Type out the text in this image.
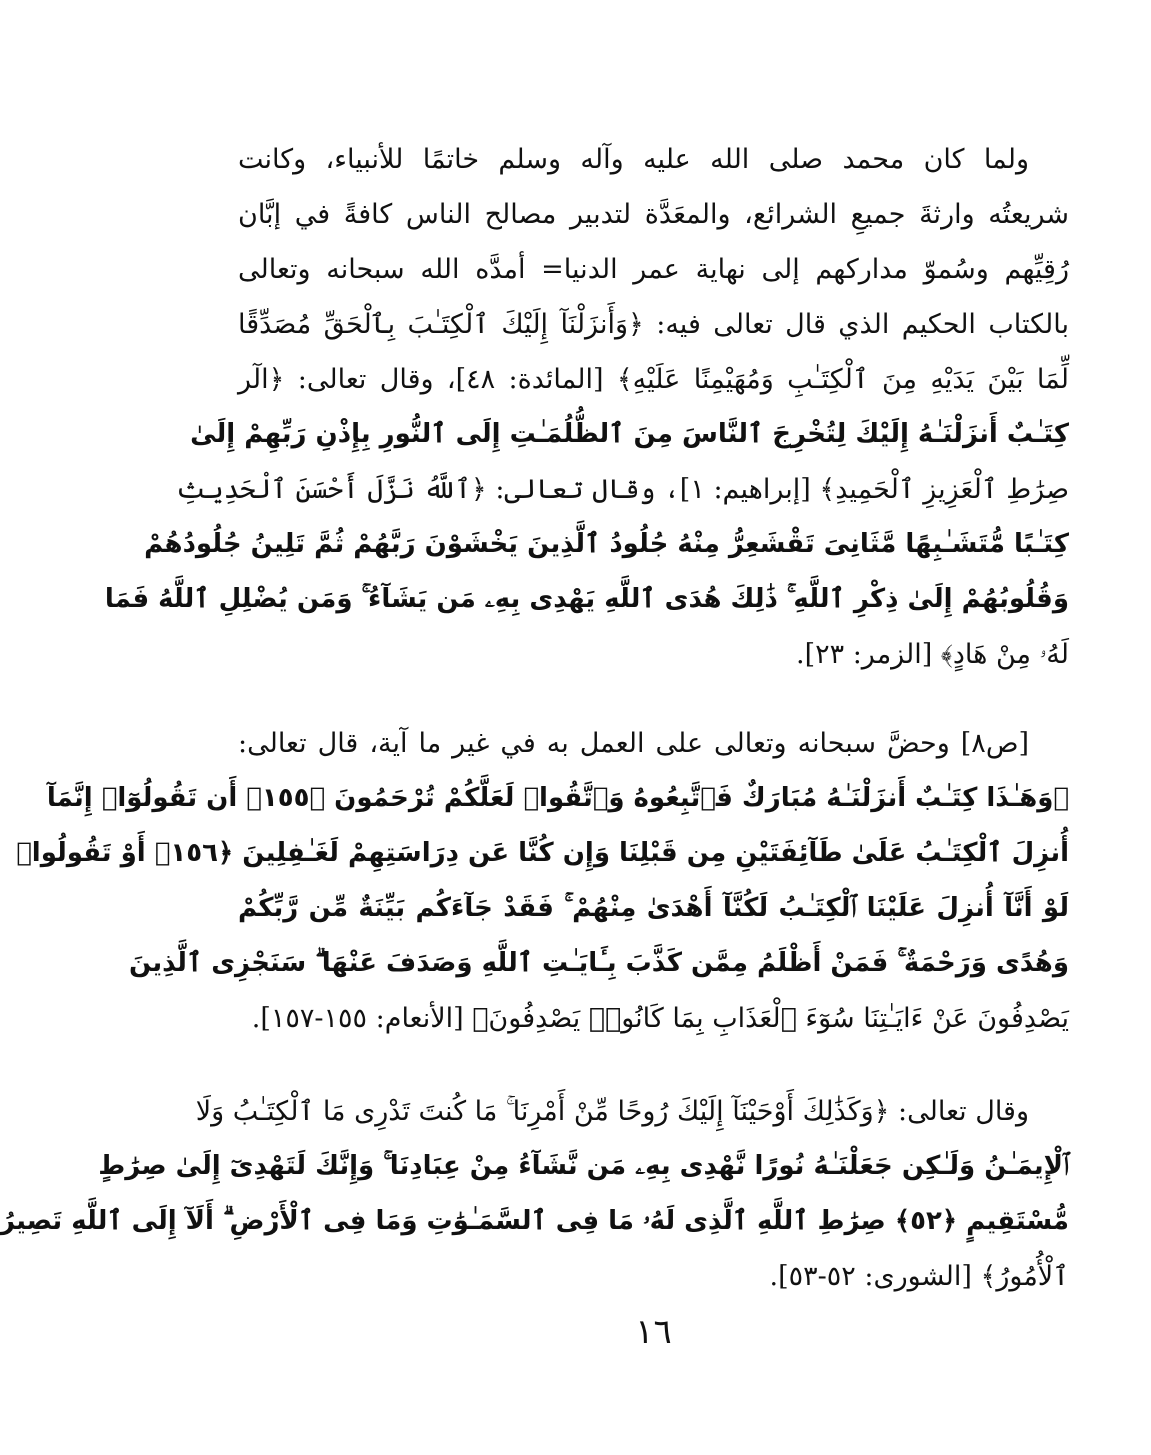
ولما كان محمد صلى الله عليه وآله وسلم خاتمًا للأنبياء، وكانت
شريعتُه وارثةَ جميعِ الشرائع، والمعَدَّة لتدبير مصالح الناس كافةً في إبَّان
رُقِيِّهم وسُموّ مداركهم إلى نهاية عمر الدنيا= أمدَّه الله سبحانه وتعالى
بالكتاب الحكيم الذي قال تعالى فيه: ﴿وَأَنزَلْنَآ إِلَيْكَ ٱلْكِتَـٰبَ بِٱلْحَقِّ مُصَدِّقًا
لِّمَا بَيْنَ يَدَيْهِ مِنَ ٱلْكِتَـٰبِ وَمُهَيْمِنًا عَلَيْهِ﴾ [المائدة: ٤٨]، وقال تعالى: ﴿الٓر
كِتَـٰبٌ أَنزَلْنَـٰهُ إِلَيْكَ لِتُخْرِجَ ٱلنَّاسَ مِنَ ٱلظُّلُمَـٰتِ إِلَى ٱلنُّورِ بِإِذْنِ رَبِّهِمْ إِلَىٰ
صِرَٰطِ ٱلْعَزِيزِ ٱلْحَمِيدِ﴾ [إبراهيم: ١]، وقال تعالى: ﴿ٱللَّهُ نَزَّلَ أَحْسَنَ ٱلْحَدِيثِ
كِتَـٰبًا مُّتَشَـٰبِهًا مَّثَانِىَ تَقْشَعِرُّ مِنْهُ جُلُودُ ٱلَّذِينَ يَخْشَوْنَ رَبَّهُمْ ثُمَّ تَلِينُ جُلُودُهُمْ
وَقُلُوبُهُمْ إِلَىٰ ذِكْرِ ٱللَّهِ ۚ ذَٰلِكَ هُدَى ٱللَّهِ يَهْدِى بِهِۦ مَن يَشَآءُ ۚ وَمَن يُضْلِلِ ٱللَّهُ فَمَا
لَهُۥ مِنْ هَادٍ﴾ [الزمر: ٢٣].
[ص٨] وحضَّ سبحانه وتعالى على العمل به في غير ما آية، قال تعالى:
﴿وَهَـٰذَا كِتَـٰبٌ أَنزَلْنَـٰهُ مُبَارَكٌ فَٱتَّبِعُوهُ وَٱتَّقُوا۟ لَعَلَّكُمْ تُرْحَمُونَ ﴿١٥٥﴾ أَن تَقُولُوٓا۟ إِنَّمَآ
أُنزِلَ ٱلْكِتَـٰبُ عَلَىٰ طَآئِفَتَيْنِ مِن قَبْلِنَا وَإِن كُنَّا عَن دِرَاسَتِهِمْ لَغَـٰفِلِينَ ﴿١٥٦﴾ أَوْ تَقُولُوا۟
لَوْ أَنَّآ أُنزِلَ عَلَيْنَا ٱلْكِتَـٰبُ لَكُنَّآ أَهْدَىٰ مِنْهُمْ ۚ فَقَدْ جَآءَكُم بَيِّنَةٌ مِّن رَّبِّكُمْ
وَهُدًى وَرَحْمَةٌ ۚ فَمَنْ أَظْلَمُ مِمَّن كَذَّبَ بِـَٔايَـٰتِ ٱللَّهِ وَصَدَفَ عَنْهَا ۗ سَنَجْزِى ٱلَّذِينَ
يَصْدِفُونَ عَنْ ءَايَـٰتِنَا سُوٓءَ ٱلْعَذَابِ بِمَا كَانُوا۟ يَصْدِفُونَ﴾ [الأنعام: ١٥٥-١٥٧].
وقال تعالى: ﴿وَكَذَٰلِكَ أَوْحَيْنَآ إِلَيْكَ رُوحًا مِّنْ أَمْرِنَا ۚ مَا كُنتَ تَدْرِى مَا ٱلْكِتَـٰبُ وَلَا
ٱلْإِيمَـٰنُ وَلَـٰكِن جَعَلْنَـٰهُ نُورًا نَّهْدِى بِهِۦ مَن نَّشَآءُ مِنْ عِبَادِنَا ۚ وَإِنَّكَ لَتَهْدِىٓ إِلَىٰ صِرَٰطٍ
مُّسْتَقِيمٍ ﴿٥٢﴾ صِرَٰطِ ٱللَّهِ ٱلَّذِى لَهُۥ مَا فِى ٱلسَّمَـٰوَٰتِ وَمَا فِى ٱلْأَرْضِ ۗ أَلَآ إِلَى ٱللَّهِ تَصِيرُ
ٱلْأُمُورُ﴾ [الشورى: ٥٢-٥٣].
١٦
